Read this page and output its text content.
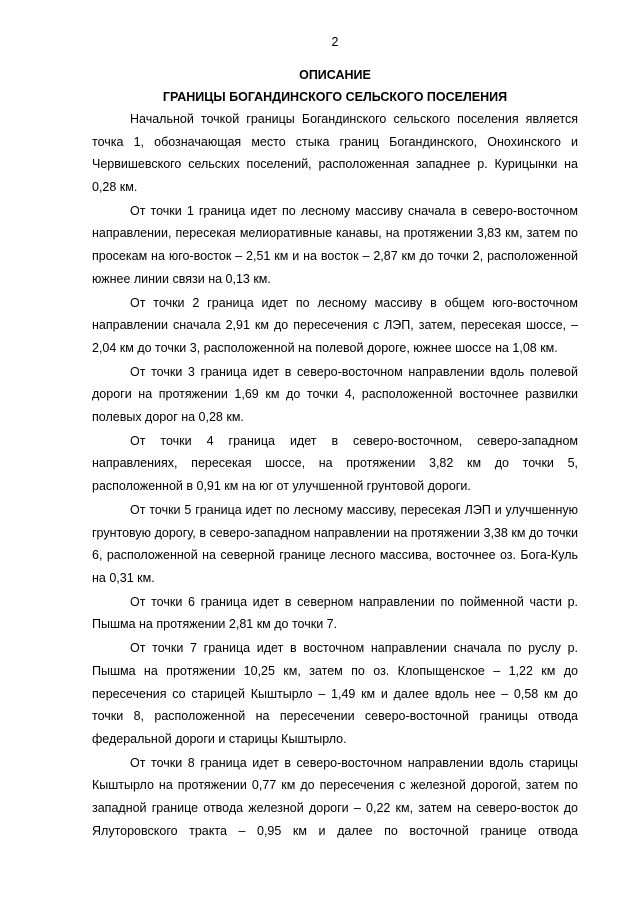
2
ОПИСАНИЕ
ГРАНИЦЫ БОГАНДИНСКОГО СЕЛЬСКОГО ПОСЕЛЕНИЯ

Начальной точкой границы Богандинского сельского поселения является точка 1, обозначающая место стыка границ Богандинского, Онохинского и Червишевского сельских поселений, расположенная западнее р. Курицынки на 0,28 км.

От точки 1 граница идет по лесному массиву сначала в северо-восточном направлении, пересекая мелиоративные канавы, на протяжении 3,83 км, затем по просекам на юго-восток – 2,51 км и на восток – 2,87 км до точки 2, расположенной южнее линии связи на 0,13 км.

От точки 2 граница идет по лесному массиву в общем юго-восточном направлении сначала 2,91 км до пересечения с ЛЭП, затем, пересекая шоссе, – 2,04 км до точки 3, расположенной на полевой дороге, южнее шоссе на 1,08 км.

От точки 3 граница идет в северо-восточном направлении вдоль полевой дороги на протяжении 1,69 км до точки 4, расположенной восточнее развилки полевых дорог на 0,28 км.

От точки 4 граница идет в северо-восточном, северо-западном направлениях, пересекая шоссе, на протяжении 3,82 км до точки 5, расположенной в 0,91 км на юг от улучшенной грунтовой дороги.

От точки 5 граница идет по лесному массиву, пересекая ЛЭП и улучшенную грунтовую дорогу, в северо-западном направлении на протяжении 3,38 км до точки 6, расположенной на северной границе лесного массива, восточнее оз. Бога-Куль на 0,31 км.

От точки 6 граница идет в северном направлении по пойменной части р. Пышма на протяжении 2,81 км до точки 7.

От точки 7 граница идет в восточном направлении сначала по руслу р. Пышма на протяжении 10,25 км, затем по оз. Клопыщенское – 1,22 км до пересечения со старицей Кыштырло – 1,49 км и далее вдоль нее – 0,58 км до точки 8, расположенной на пересечении северо-восточной границы отвода федеральной дороги и старицы Кыштырло.

От точки 8 граница идет в северо-восточном направлении вдоль старицы Кыштырло на протяжении 0,77 км до пересечения с железной дорогой, затем по западной границе отвода железной дороги – 0,22 км, затем на северо-восток до Ялуторовского тракта – 0,95 км и далее по восточной границе отвода
